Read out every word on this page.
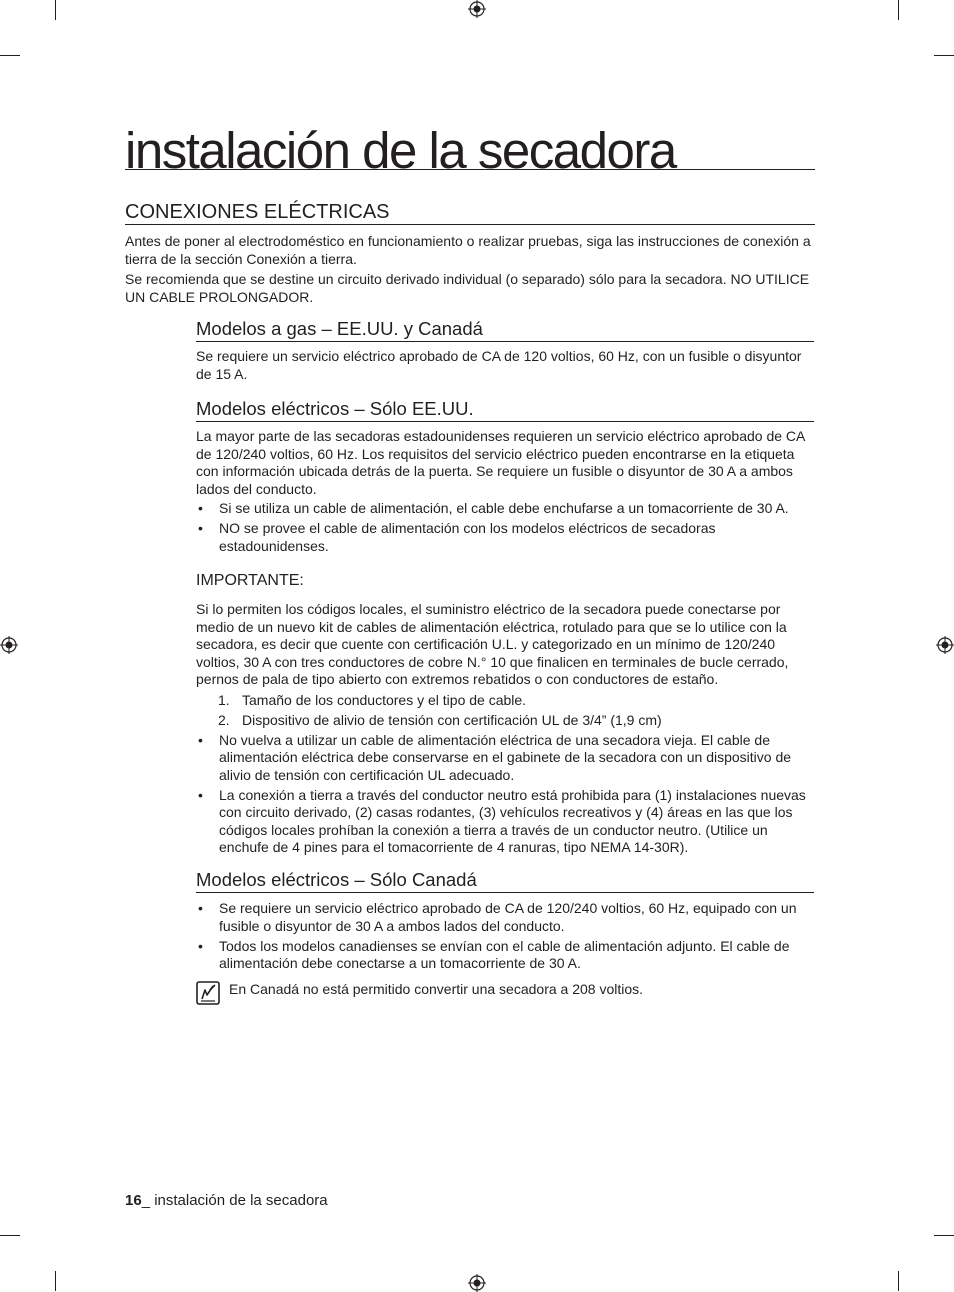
instalación de la secadora
CONEXIONES ELÉCTRICAS

Antes de poner al electrodoméstico en funcionamiento o realizar pruebas, siga las instrucciones de conexión a tierra de la sección Conexión a tierra.

Se recomienda que se destine un circuito derivado individual (o separado) sólo para la secadora. NO UTILICE UN CABLE PROLONGADOR.

Modelos a gas – EE.UU. y Canadá

Se requiere un servicio eléctrico aprobado de CA de 120 voltios, 60 Hz, con un fusible o disyuntor de 15 A.

Modelos eléctricos – Sólo EE.UU.

La mayor parte de las secadoras estadounidenses requieren un servicio eléctrico aprobado de CA de 120/240 voltios, 60 Hz. Los requisitos del servicio eléctrico pueden encontrarse en la etiqueta con información ubicada detrás de la puerta. Se requiere un fusible o disyuntor de 30 A a ambos lados del conducto.

• Si se utiliza un cable de alimentación, el cable debe enchufarse a un tomacorriente de 30 A.
• NO se provee el cable de alimentación con los modelos eléctricos de secadoras estadounidenses.
IMPORTANTE:

Si lo permiten los códigos locales, el suministro eléctrico de la secadora puede conectarse por medio de un nuevo kit de cables de alimentación eléctrica, rotulado para que se lo utilice con la secadora, es decir que cuente con certificación U.L. y categorizado en un mínimo de 120/240 voltios, 30 A con tres conductores de cobre N.° 10 que finalicen en terminales de bucle cerrado, pernos de pala de tipo abierto con extremos rebatidos o con conductores de estaño.

1. Tamaño de los conductores y el tipo de cable.
2. Dispositivo de alivio de tensión con certificación UL de 3/4” (1,9 cm)
• No vuelva a utilizar un cable de alimentación eléctrica de una secadora vieja. El cable de alimentación eléctrica debe conservarse en el gabinete de la secadora con un dispositivo de alivio de tensión con certificación UL adecuado.
• La conexión a tierra a través del conductor neutro está prohibida para (1) instalaciones nuevas con circuito derivado, (2) casas rodantes, (3) vehículos recreativos y (4) áreas en las que los códigos locales prohíban la conexión a tierra a través de un conductor neutro. (Utilice un enchufe de 4 pines para el tomacorriente de 4 ranuras, tipo NEMA 14-30R).
Modelos eléctricos – Sólo Canadá
• Se requiere un servicio eléctrico aprobado de CA de 120/240 voltios, 60 Hz, equipado con un fusible o disyuntor de 30 A a ambos lados del conducto.
• Todos los modelos canadienses se envían con el cable de alimentación adjunto. El cable de alimentación debe conectarse a un tomacorriente de 30 A.
En Canadá no está permitido convertir una secadora a 208 voltios.
16_ instalación de la secadora
